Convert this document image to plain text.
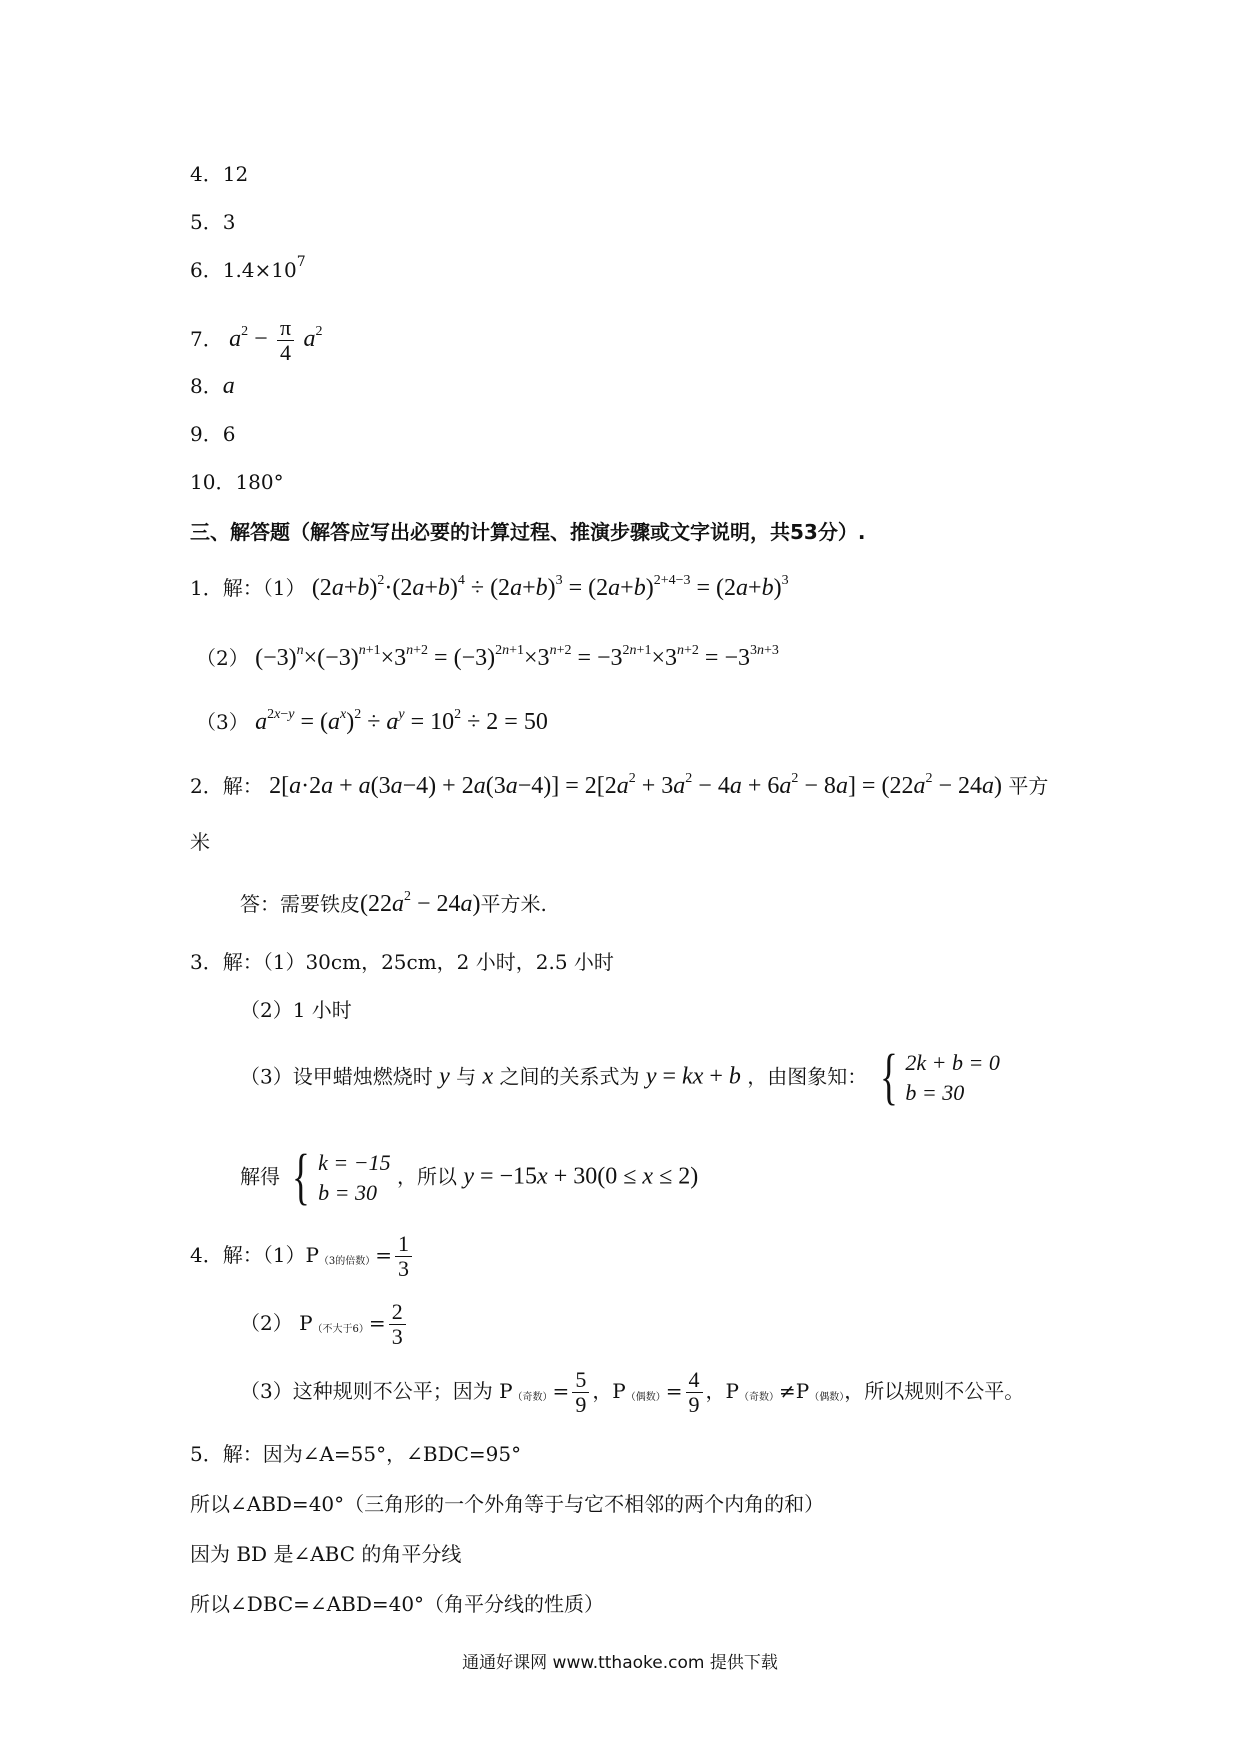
4．12
5．3
6．$1.4\times 10^7$
7． $a^2 - \frac{\pi}{4} a^2$
8．a
9．6
10．180°
三、解答题（解答应写出必要的计算过程、推演步骤或文字说明，共53分）.
1．解：（1） $(2a+b)^2\cdot(2a+b)^4 \div (2a+b)^3 = (2a+b)^{2+4-3} = (2a+b)^3$
（2） $(-3)^n\times(-3)^{n+1}\times 3^{n+2} = (-3)^{2n+1}\times 3^{n+2} = -3^{2n+1}\times 3^{n+2} = -3^{3n+3}$
（3） $a^{2x-y} = (a^x)^2 \div a^y = 10^2 \div 2 = 50$
2．解： $2[a\cdot 2a + a(3a-4) + 2a(3a-4)] = 2[2a^2 + 3a^2 - 4a + 6a^2 - 8a] = (22a^2 - 24a)$ 平方
米
答：需要铁皮$(22a^2 - 24a)$平方米.
3．解：（1）30cm，25cm，2 小时，2.5 小时
（2）1 小时
（3）设甲蜡烛燃烧时 y 与 x 之间的关系式为 y = kx + b ，由图象知： { 2k + b = 0
b = 30
解得 { k = −15
b = 30
，所以 y = −15x + 30(0 ≤ x ≤ 2)
4．解：$(1)P_{(3的倍数)}= \frac{1}{3}$
（2） $P_{(不大于6)}= \frac{2}{3}$
（3）这种规则不公平；因为 $P_{(奇数)}= \frac{5}{9}$ ，$P_{(偶数)}= \frac{4}{9}$ ，$P_{(奇数)}\ne P_{(偶数)}$，所以规则不公平。
5．解：因为∠A=55°，∠BDC=95°
所以∠ABD=40°（三角形的一个外角等于与它不相邻的两个内角的和）
因为 BD 是∠ABC 的角平分线
所以∠DBC=∠ABD=40°（角平分线的性质）
通通好课网 www.tthaoke.com 提供下载
